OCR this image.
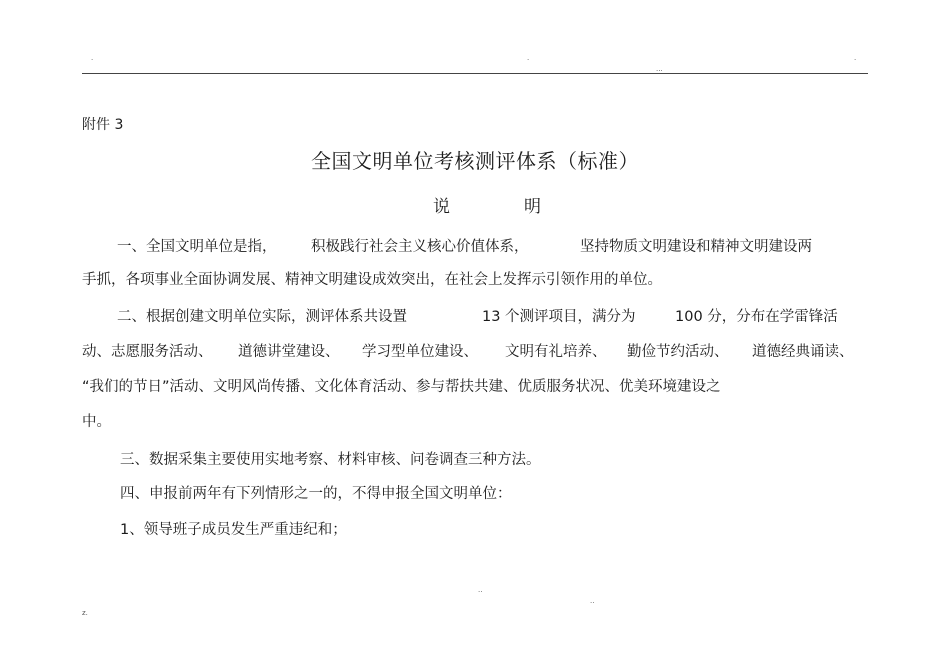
.	.
...
.
附件 3
全国文明单位考核测评体系（标准）
说	明
一、全国文明单位是指， 积极践行社会主义核心价值体系，	坚持物质文明建设和精神文明建设两
手抓，各项事业全面协调发展、精神文明建设成效突出，在社会上发挥示引领作用的单位。
二、根据创建文明单位实际，测评体系共设置	13 个测评项目，满分为	100 分，分布在学雷锋活
动、志愿服务活动、 道德讲堂建设、 学习型单位建设、 文明有礼培养、 勤俭节约活动、 道德经典诵读、
“我们的节日”活动、文明风尚传播、文化体育活动、参与帮扶共建、优质服务状况、优美环境建设之
中。
三、数据采集主要使用实地考察、材料审核、问卷调查三种方法。
四、申报前两年有下列情形之一的，不得申报全国文明单位：
1、领导班子成员发生严重违纪和；
..
..
z.
